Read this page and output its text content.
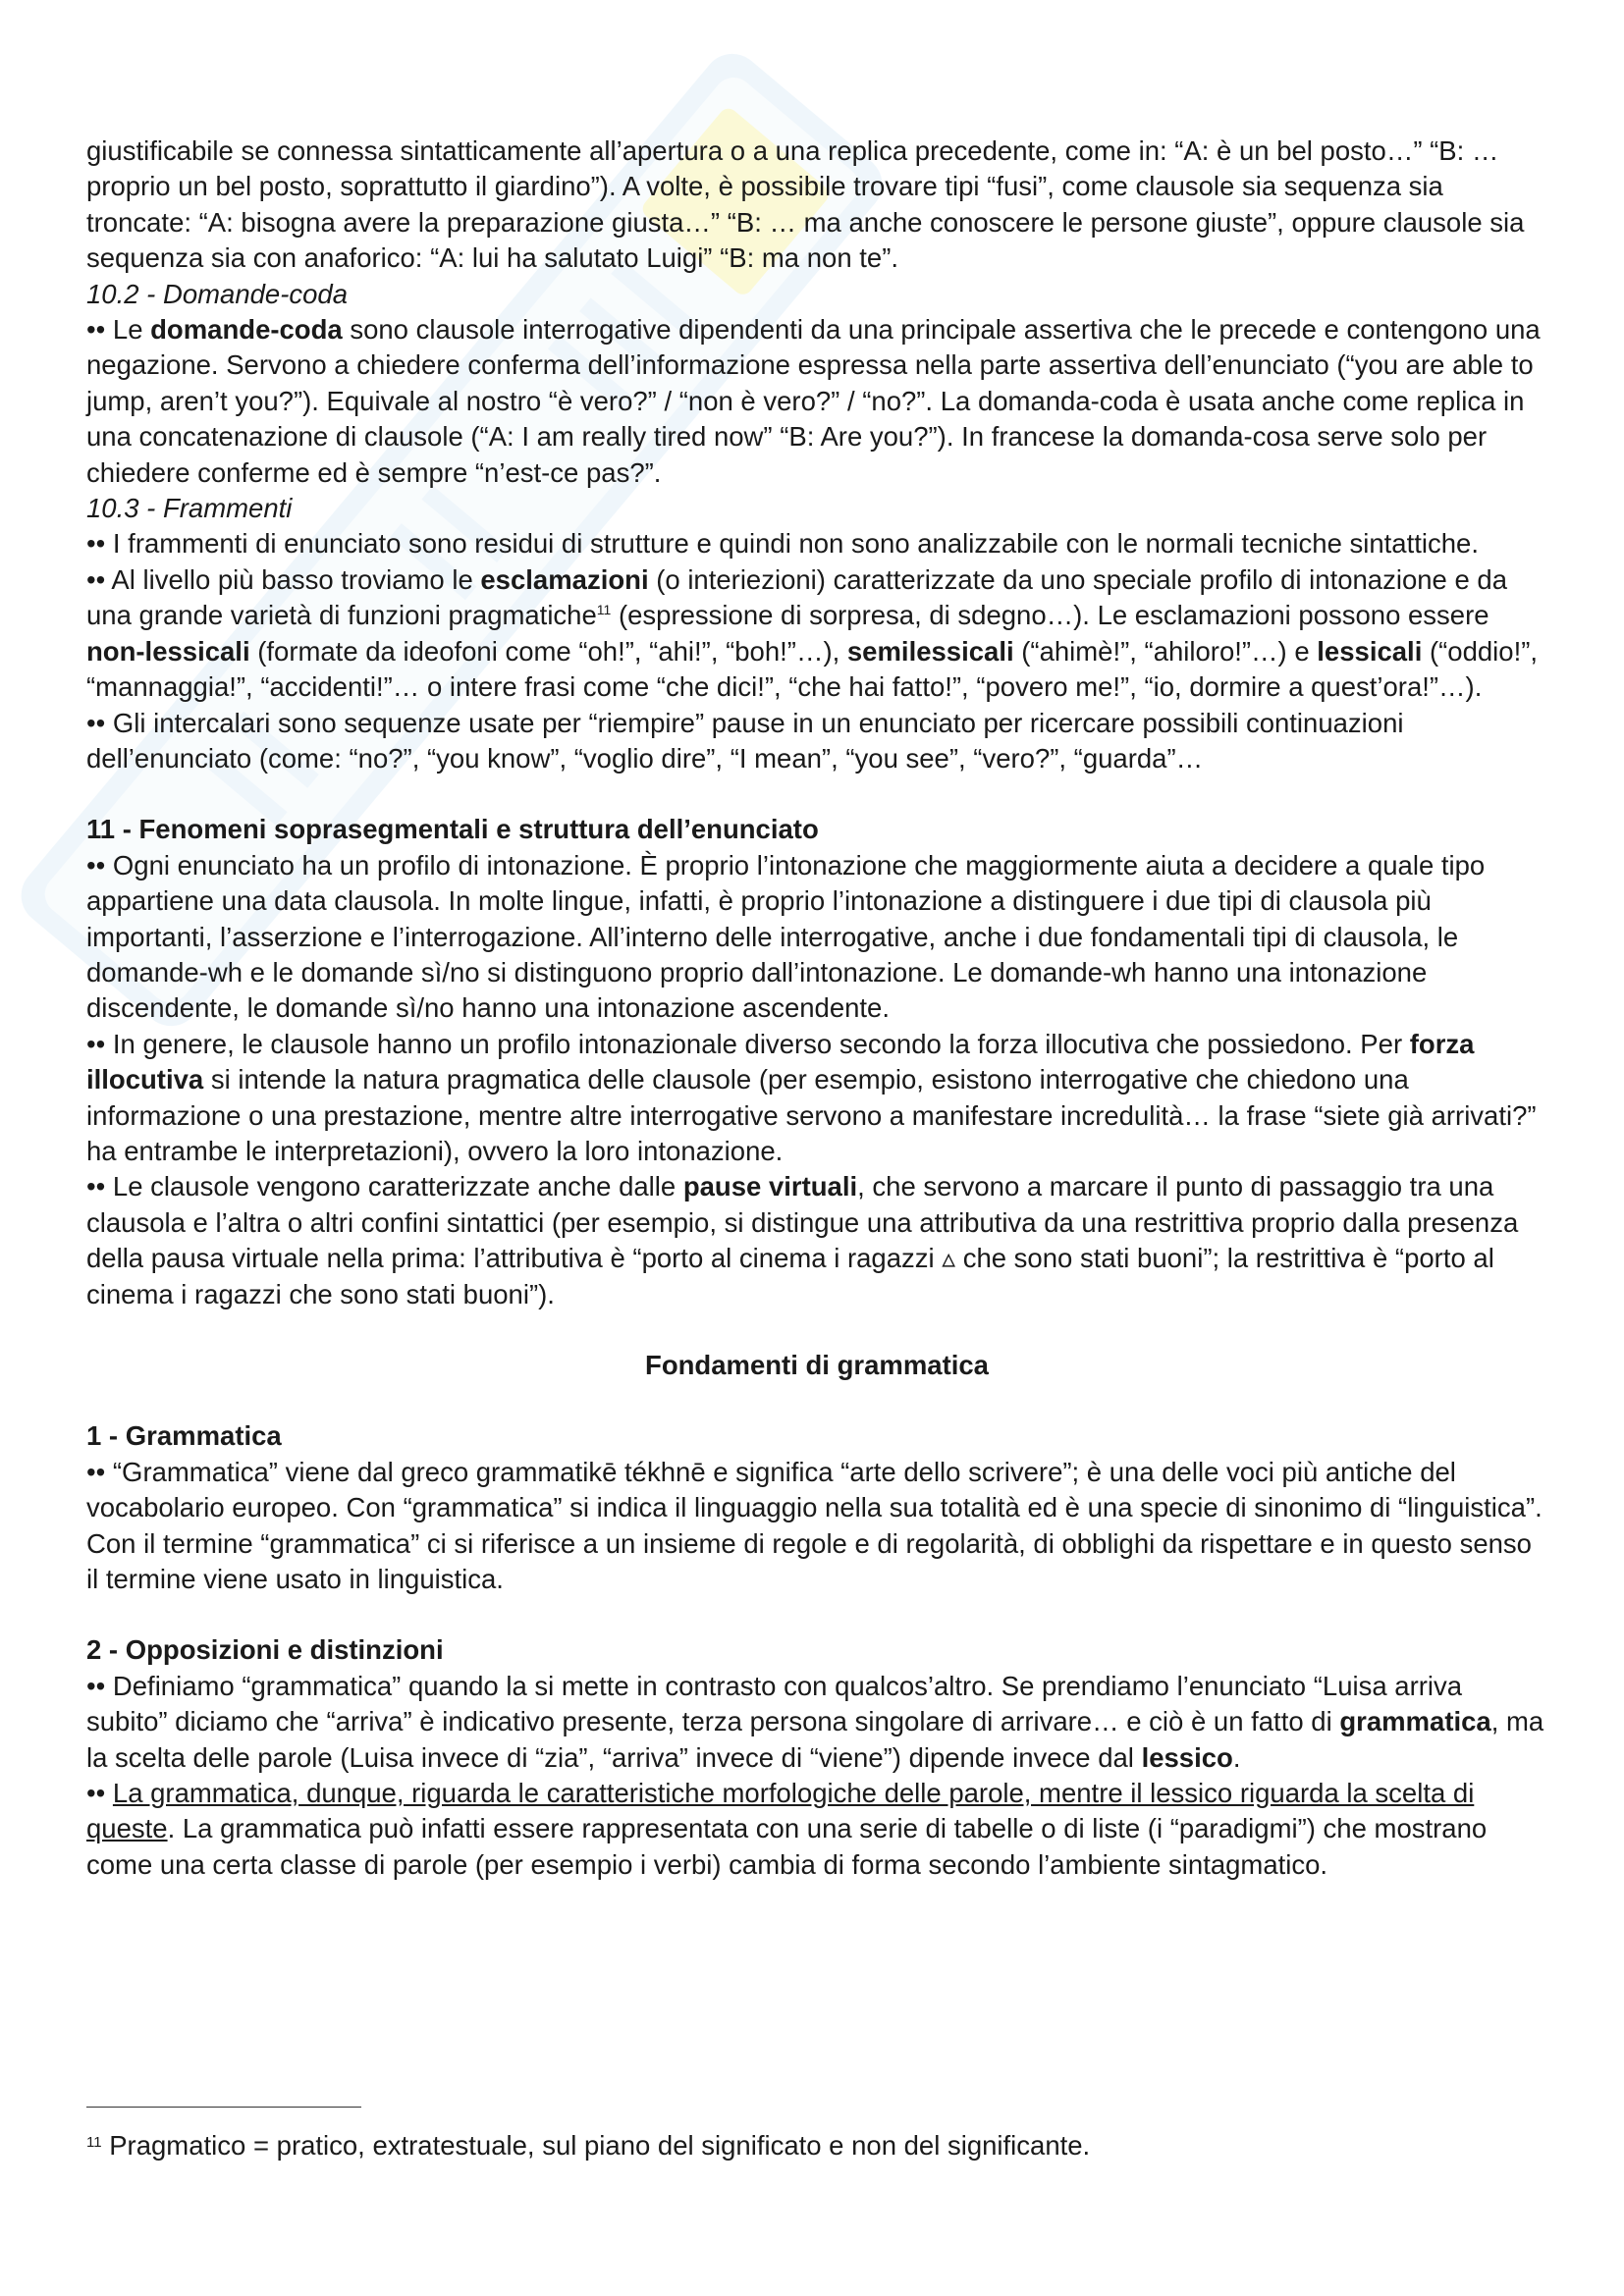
giustificabile se connessa sintatticamente all’apertura o a una replica precedente, come in: “A: è un bel posto…” “B: … proprio un bel posto, soprattutto il giardino”). A volte, è possibile trovare tipi “fusi”, come clausole sia sequenza sia troncate: “A: bisogna avere la preparazione giusta…” “B: … ma anche conoscere le persone giuste”, oppure clausole sia sequenza sia con anaforico: “A: lui ha salutato Luigi” “B: ma non te”.
10.2 - Domande-coda
•• Le domande-coda sono clausole interrogative dipendenti da una principale assertiva che le precede e contengono una negazione. Servono a chiedere conferma dell’informazione espressa nella parte assertiva dell’enunciato (“you are able to jump, aren’t you?”). Equivale al nostro “è vero?” / “non è vero?” / “no?”. La domanda-coda è usata anche come replica in una concatenazione di clausole (“A: I am really tired now” “B: Are you?”). In francese la domanda-cosa serve solo per chiedere conferme ed è sempre “n’est-ce pas?”.
10.3 - Frammenti
•• I frammenti di enunciato sono residui di strutture e quindi non sono analizzabile con le normali tecniche sintattiche.
•• Al livello più basso troviamo le esclamazioni (o interiezioni) caratterizzate da uno speciale profilo di intonazione e da una grande varietà di funzioni pragmatiche$^{11}$ (espressione di sorpresa, di sdegno…). Le esclamazioni possono essere non-lessicali (formate da ideofoni come “oh!”, “ahi!”, “boh!”…), semilessicali (“ahimè!”, “ahiloro!”…) e lessicali (“oddio!”, “mannaggia!”, “accidenti!”… o intere frasi come “che dici!”, “che hai fatto!”, “povero me!”, “io, dormire a quest’ora!”…).
•• Gli intercalari sono sequenze usate per “riempire” pause in un enunciato per ricercare possibili continuazioni dell’enunciato (come: “no?”, “you know”, “voglio dire”, “I mean”, “you see”, “vero?”, “guarda”…
11 - Fenomeni soprasegmentali e struttura dell’enunciato
•• Ogni enunciato ha un profilo di intonazione. È proprio l’intonazione che maggiormente aiuta a decidere a quale tipo appartiene una data clausola. In molte lingue, infatti, è proprio l’intonazione a distinguere i due tipi di clausola più importanti, l’asserzione e l’interrogazione. All’interno delle interrogative, anche i due fondamentali tipi di clausola, le domande-wh e le domande sì/no si distinguono proprio dall’intonazione. Le domande-wh hanno una intonazione discendente, le domande sì/no hanno una intonazione ascendente.
•• In genere, le clausole hanno un profilo intonazionale diverso secondo la forza illocutiva che possiedono. Per forza illocutiva si intende la natura pragmatica delle clausole (per esempio, esistono interrogative che chiedono una informazione o una prestazione, mentre altre interrogative servono a manifestare incredulità… la frase “siete già arrivati?” ha entrambe le interpretazioni), ovvero la loro intonazione.
•• Le clausole vengono caratterizzate anche dalle pause virtuali, che servono a marcare il punto di passaggio tra una clausola e l’altra o altri confini sintattici (per esempio, si distingue una attributiva da una restrittiva proprio dalla presenza della pausa virtuale nella prima: l’attributiva è “porto al cinema i ragazzi ▵ che sono stati buoni”; la restrittiva è “porto al cinema i ragazzi che sono stati buoni”).
Fondamenti di grammatica
1 - Grammatica
•• “Grammatica” viene dal greco grammatikē tékhnē e significa “arte dello scrivere”; è una delle voci più antiche del vocabolario europeo. Con “grammatica” si indica il linguaggio nella sua totalità ed è una specie di sinonimo di “linguistica”. Con il termine “grammatica” ci si riferisce a un insieme di regole e di regolarità, di obblighi da rispettare e in questo senso il termine viene usato in linguistica.
2 - Opposizioni e distinzioni
•• Definiamo “grammatica” quando la si mette in contrasto con qualcos’altro. Se prendiamo l’enunciato “Luisa arriva subito” diciamo che “arriva” è indicativo presente, terza persona singolare di arrivare… e ciò è un fatto di grammatica, ma la scelta delle parole (Luisa invece di “zia”, “arriva” invece di “viene”) dipende invece dal lessico.
•• La grammatica, dunque, riguarda le caratteristiche morfologiche delle parole, mentre il lessico riguarda la scelta di queste. La grammatica può infatti essere rappresentata con una serie di tabelle o di liste (i “paradigmi”) che mostrano come una certa classe di parole (per esempio i verbi) cambia di forma secondo l’ambiente sintagmatico.
$^{11}$ Pragmatico = pratico, extratestuale, sul piano del significato e non del significante.
